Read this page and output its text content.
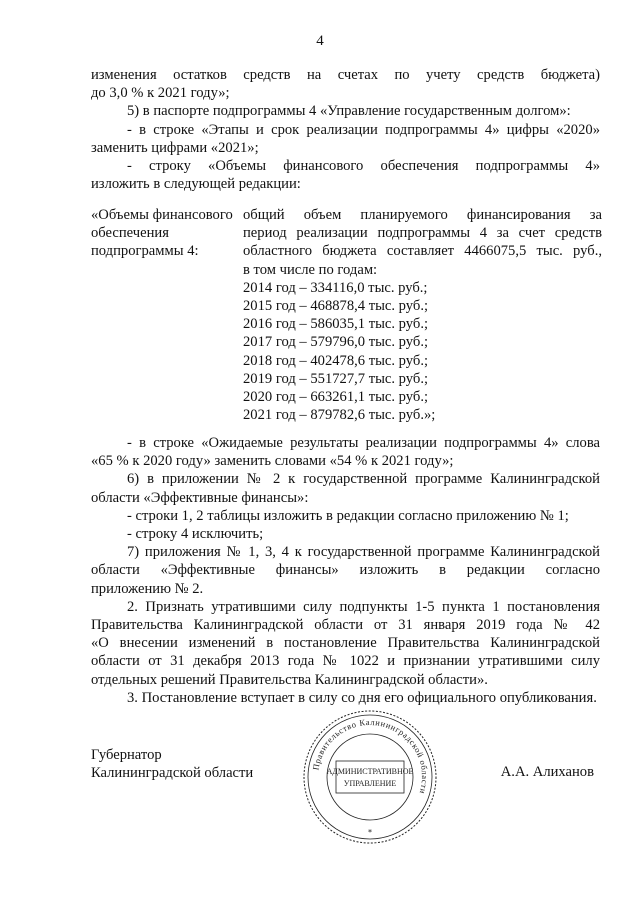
4
изменения остатков средств на счетах по учету средств бюджета)
до 3,0 % к 2021 году»;
5) в паспорте подпрограммы 4 «Управление государственным долгом»:
- в строке «Этапы и срок реализации подпрограммы 4» цифры «2020»
заменить цифрами «2021»;
- строку «Объемы финансового обеспечения подпрограммы 4»
изложить в следующей редакции:
«Объемы финансового
обеспечения
подпрограммы 4:
общий объем планируемого финансирования за
период реализации подпрограммы 4 за счет средств
областного бюджета составляет 4466075,5 тыс. руб.,
в том числе по годам:
2014 год – 334116,0 тыс. руб.;
2015 год – 468878,4 тыс. руб.;
2016 год – 586035,1 тыс. руб.;
2017 год – 579796,0 тыс. руб.;
2018 год – 402478,6 тыс. руб.;
2019 год – 551727,7 тыс. руб.;
2020 год – 663261,1 тыс. руб.;
2021 год – 879782,6 тыс. руб.»;
- в строке «Ожидаемые результаты реализации подпрограммы 4» слова
«65 % к 2020 году» заменить словами «54 % к 2021 году»;
6) в приложении № 2 к государственной программе Калининградской
области «Эффективные финансы»:
- строки 1, 2 таблицы изложить в редакции согласно приложению № 1;
- строку 4 исключить;
7) приложения № 1, 3, 4 к государственной программе Калининградской
области «Эффективные финансы» изложить в редакции согласно
приложению № 2.
2. Признать утратившими силу подпункты 1-5 пункта 1 постановления
Правительства Калининградской области от 31 января 2019 года № 42
«О внесении изменений в постановление Правительства Калининградской
области от 31 декабря 2013 года № 1022 и признании утратившими силу
отдельных решений Правительства Калининградской области».
3. Постановление вступает в силу со дня его официального опубликования.
Губернатор
Калининградской области	А.А. Алиханов
Правительство Калининградской области
АДМИНИСТРАТИВНОЕ
УПРАВЛЕНИЕ
*
